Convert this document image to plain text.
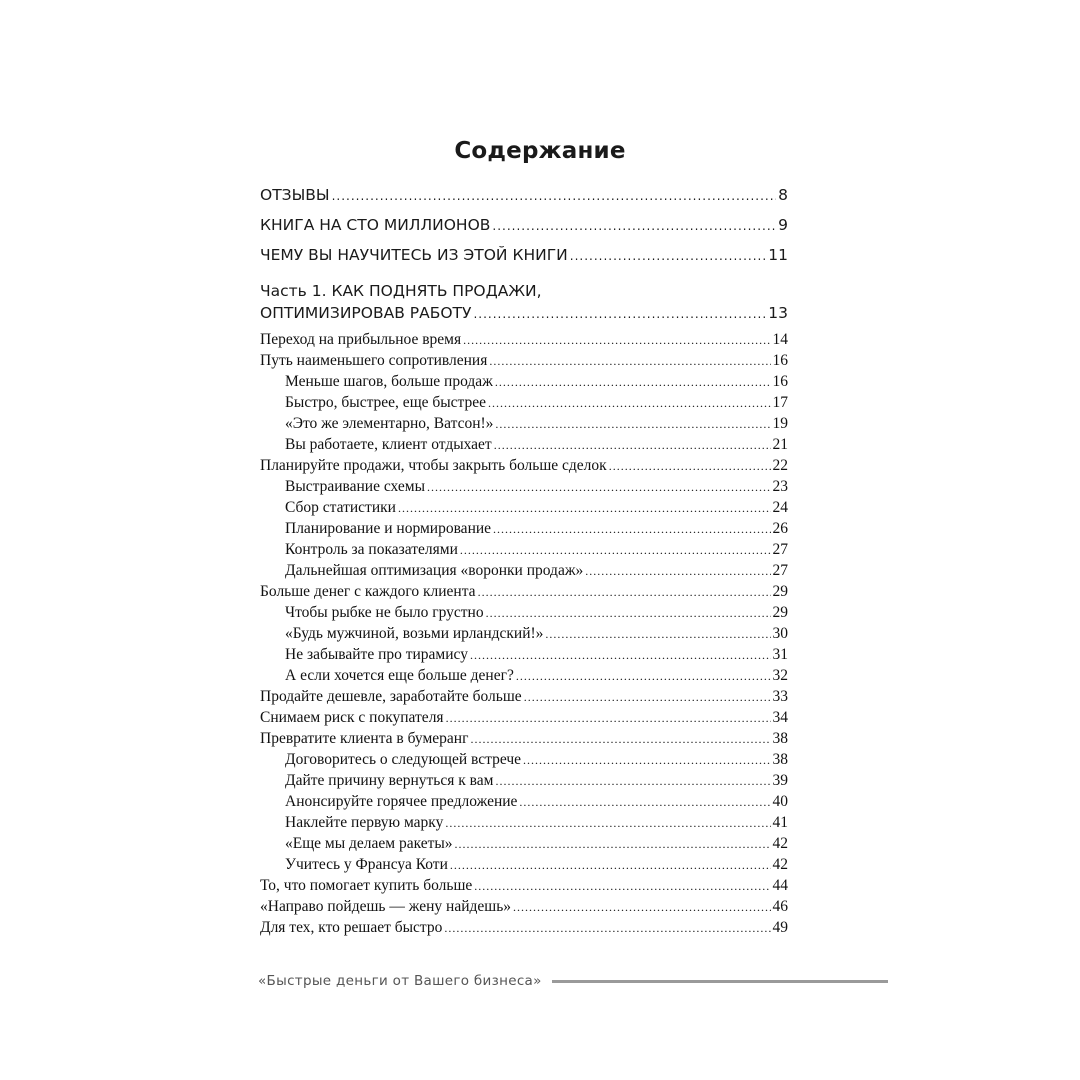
Содержание
ОТЗЫВЫ .....	8
КНИГА НА СТО МИЛЛИОНОВ .....	9
ЧЕМУ ВЫ НАУЧИТЕСЬ ИЗ ЭТОЙ КНИГИ .....	11
Часть 1. КАК ПОДНЯТЬ ПРОДАЖИ,
ОПТИМИЗИРОВАВ РАБОТУ .....	13
Переход на прибыльное время .....	14
Путь наименьшего сопротивления .....	16
Меньше шагов, больше продаж .....	16
Быстро, быстрее, еще быстрее .....	17
«Это же элементарно, Ватсон!» .....	19
Вы работаете, клиент отдыхает .....	21
Планируйте продажи, чтобы закрыть больше сделок .....	22
Выстраивание схемы .....	23
Сбор статистики .....	24
Планирование и нормирование .....	26
Контроль за показателями .....	27
Дальнейшая оптимизация «воронки продаж» .....	27
Больше денег с каждого клиента .....	29
Чтобы рыбке не было грустно .....	29
«Будь мужчиной, возьми ирландский!» .....	30
Не забывайте про тирамису .....	31
А если хочется еще больше денег? .....	32
Продайте дешевле, заработайте больше .....	33
Снимаем риск с покупателя .....	34
Превратите клиента в бумеранг .....	38
Договоритесь о следующей встрече .....	38
Дайте причину вернуться к вам .....	39
Анонсируйте горячее предложение .....	40
Наклейте первую марку .....	41
«Еще мы делаем ракеты» .....	42
Учитесь у Франсуа Коти .....	42
То, что помогает купить больше .....	44
«Направо пойдешь — жену найдешь» .....	46
Для тех, кто решает быстро .....	49
«Быстрые деньги от Вашего бизнеса»
